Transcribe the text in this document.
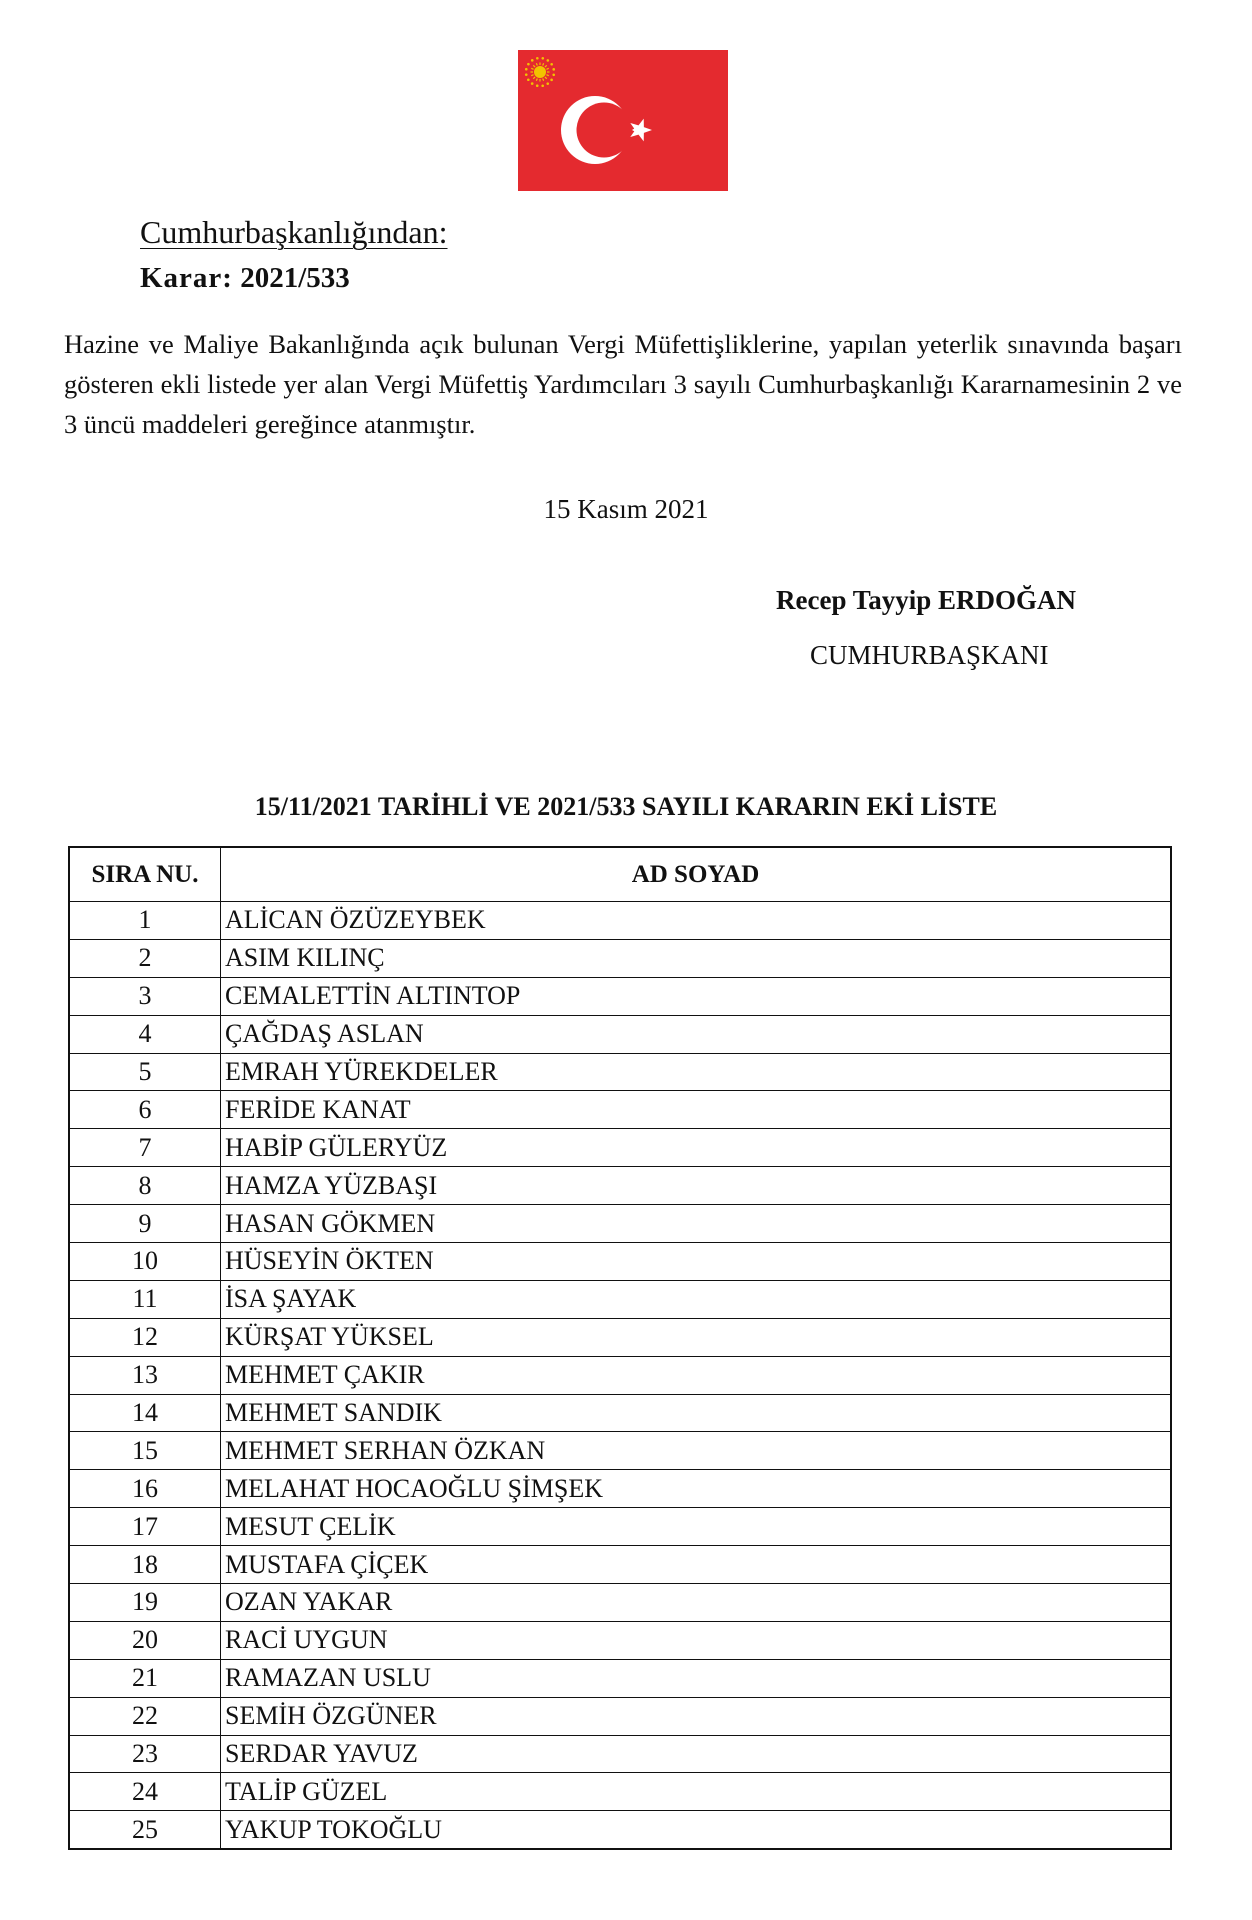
Cumhurbaşkanlığından:
Karar: 2021/533
Hazine ve Maliye Bakanlığında açık bulunan Vergi Müfettişliklerine, yapılan yeterlik sınavında başarı gösteren ekli listede yer alan Vergi Müfettiş Yardımcıları 3 sayılı Cumhurbaşkanlığı Kararnamesinin 2 ve 3 üncü maddeleri gereğince atanmıştır.
15 Kasım 2021
Recep Tayyip ERDOĞAN
CUMHURBAŞKANI
15/11/2021 TARİHLİ VE 2021/533 SAYILI KARARIN EKİ LİSTE
SIRA NU.	AD SOYAD
1	ALİCAN ÖZÜZEYBEK
2	ASIM KILINÇ
3	CEMALETTİN ALTINTOP
4	ÇAĞDAŞ ASLAN
5	EMRAH YÜREKDELER
6	FERİDE KANAT
7	HABİP GÜLERYÜZ
8	HAMZA YÜZBAŞI
9	HASAN GÖKMEN
10	HÜSEYİN ÖKTEN
11	İSA ŞAYAK
12	KÜRŞAT YÜKSEL
13	MEHMET ÇAKIR
14	MEHMET SANDIK
15	MEHMET SERHAN ÖZKAN
16	MELAHAT HOCAOĞLU ŞİMŞEK
17	MESUT ÇELİK
18	MUSTAFA ÇİÇEK
19	OZAN YAKAR
20	RACİ UYGUN
21	RAMAZAN USLU
22	SEMİH ÖZGÜNER
23	SERDAR YAVUZ
24	TALİP GÜZEL
25	YAKUP TOKOĞLU
